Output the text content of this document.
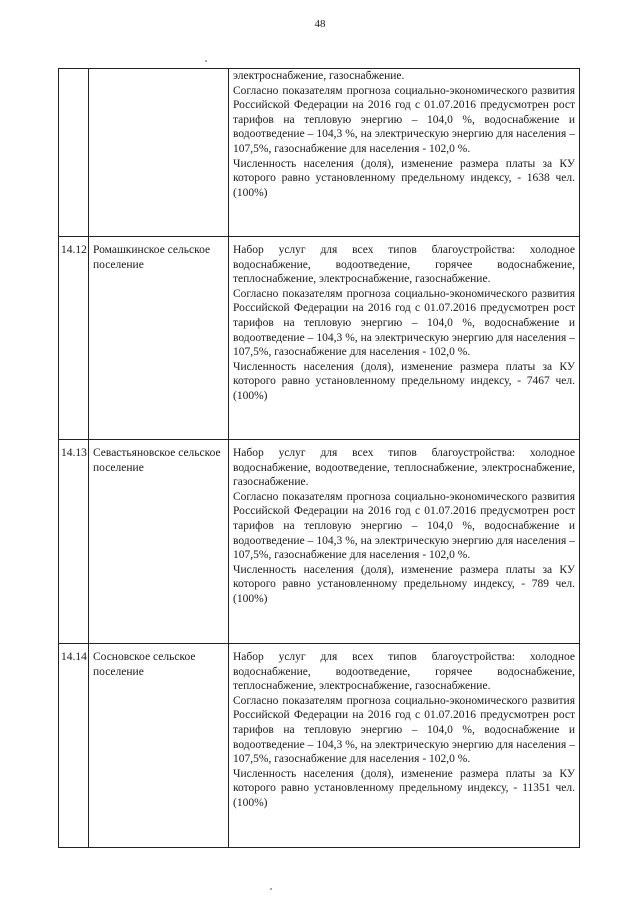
48

		электроснабжение, газоснабжение.

Согласно показателям прогноза социально-экономического развития Российской Федерации на 2016 год с 01.07.2016 предусмотрен рост тарифов на тепловую энергию – 104,0 %, водоснабжение и водоотведение – 104,3 %, на электрическую энергию для населения – 107,5%, газоснабжение для населения - 102,0 %.

Численность населения (доля), изменение размера платы за КУ которого равно установленному предельному индексу, - 1638 чел. (100%)

14.12	Ромашкинское сельское поселение	Набор услуг для всех типов благоустройства: холодное водоснабжение, водоотведение, горячее водоснабжение, теплоснабжение, электроснабжение, газоснабжение.

Согласно показателям прогноза социально-экономического развития Российской Федерации на 2016 год с 01.07.2016 предусмотрен рост тарифов на тепловую энергию – 104,0 %, водоснабжение и водоотведение – 104,3 %, на электрическую энергию для населения – 107,5%, газоснабжение для населения - 102,0 %.

Численность населения (доля), изменение размера платы за КУ которого равно установленному предельному индексу, - 7467 чел. (100%)

14.13	Севастьяновское сельское поселение	Набор услуг для всех типов благоустройства: холодное водоснабжение, водоотведение, теплоснабжение, электроснабжение, газоснабжение.

Согласно показателям прогноза социально-экономического развития Российской Федерации на 2016 год с 01.07.2016 предусмотрен рост тарифов на тепловую энергию – 104,0 %, водоснабжение и водоотведение – 104,3 %, на электрическую энергию для населения – 107,5%, газоснабжение для населения - 102,0 %.

Численность населения (доля), изменение размера платы за КУ которого равно установленному предельному индексу, - 789 чел. (100%)

14.14	Сосновское сельское поселение	Набор услуг для всех типов благоустройства: холодное водоснабжение, водоотведение, горячее водоснабжение, теплоснабжение, электроснабжение, газоснабжение.

Согласно показателям прогноза социально-экономического развития Российской Федерации на 2016 год с 01.07.2016 предусмотрен рост тарифов на тепловую энергию – 104,0 %, водоснабжение и водоотведение – 104,3 %, на электрическую энергию для населения – 107,5%, газоснабжение для населения - 102,0 %.

Численность населения (доля), изменение размера платы за КУ которого равно установленному предельному индексу, - 11351 чел. (100%)
